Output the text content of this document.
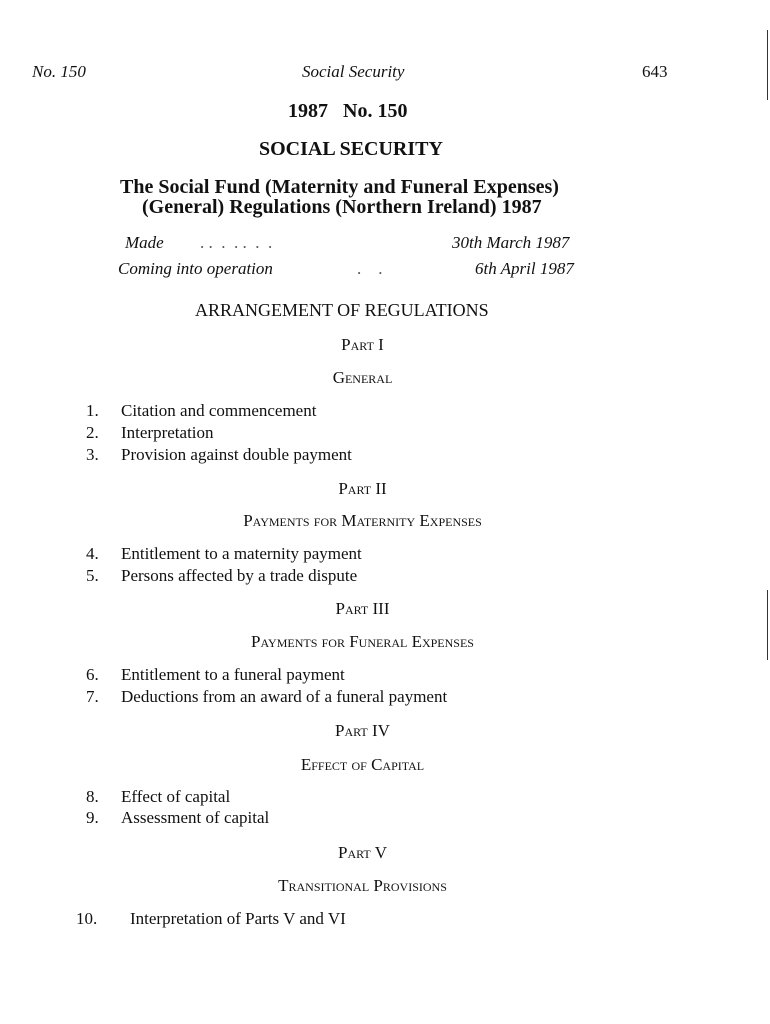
No. 150	Social Security	643
1987   No. 150
SOCIAL SECURITY
The Social Fund (Maternity and Funeral Expenses)
(General) Regulations (Northern Ireland) 1987
Made . .  .  . .  .  .	30th March 1987
Coming into operation	.    .	6th April 1987
ARRANGEMENT OF REGULATIONS
Part I
General
1. Citation and commencement
2. Interpretation
3. Provision against double payment
Part II
Payments for Maternity Expenses
4. Entitlement to a maternity payment
5. Persons affected by a trade dispute
Part III
Payments for Funeral Expenses
6. Entitlement to a funeral payment
7. Deductions from an award of a funeral payment
Part IV
Effect of Capital
8. Effect of capital
9. Assessment of capital
Part V
Transitional Provisions
10. Interpretation of Parts V and VI
